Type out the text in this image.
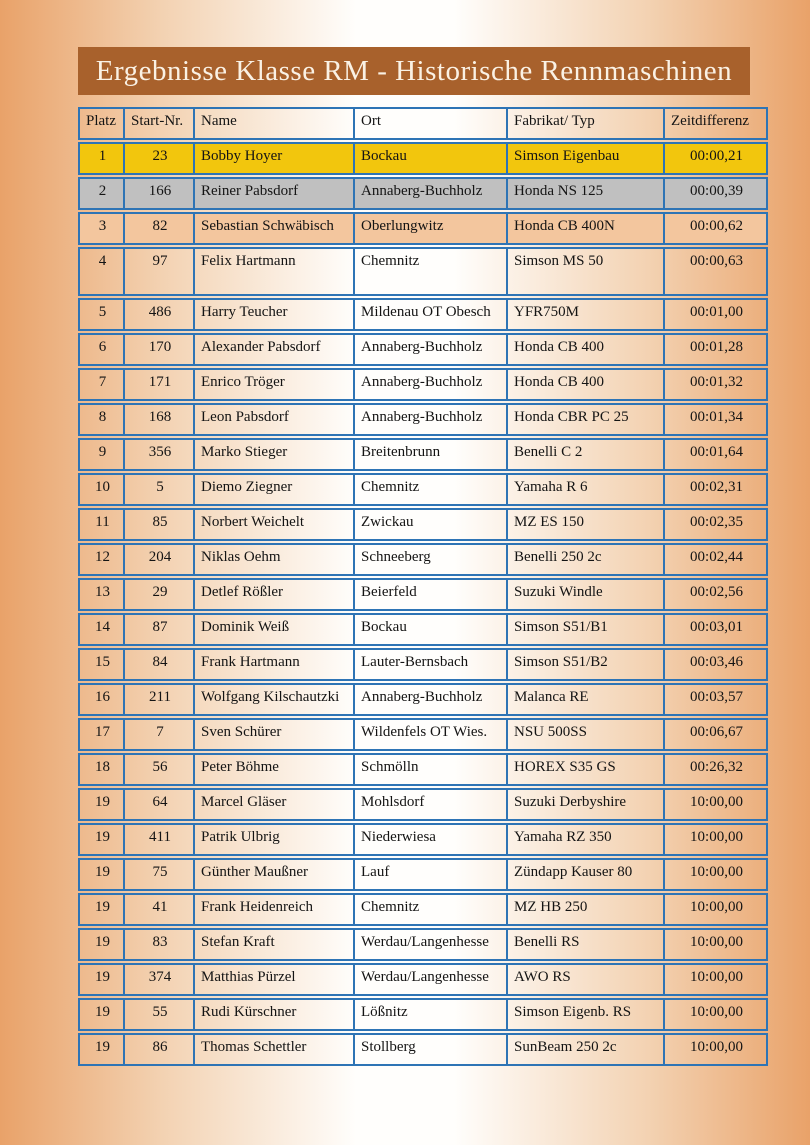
Ergebnisse Klasse RM - Historische Rennmaschinen
Platz	Start-Nr.	Name	Ort	Fabrikat/ Typ	Zeitdifferenz
1	23	Bobby Hoyer	Bockau	Simson Eigenbau	00:00,21
2	166	Reiner Pabsdorf	Annaberg-Buchholz	Honda NS 125	00:00,39
3	82	Sebastian Schwäbisch	Oberlungwitz	Honda CB 400N	00:00,62
4	97	Felix Hartmann	Chemnitz	Simson MS 50	00:00,63
5	486	Harry Teucher	Mildenau OT Obesch	YFR750M	00:01,00
6	170	Alexander Pabsdorf	Annaberg-Buchholz	Honda CB 400	00:01,28
7	171	Enrico Tröger	Annaberg-Buchholz	Honda CB 400	00:01,32
8	168	Leon Pabsdorf	Annaberg-Buchholz	Honda CBR PC 25	00:01,34
9	356	Marko Stieger	Breitenbrunn	Benelli C 2	00:01,64
10	5	Diemo Ziegner	Chemnitz	Yamaha R 6	00:02,31
11	85	Norbert Weichelt	Zwickau	MZ ES 150	00:02,35
12	204	Niklas Oehm	Schneeberg	Benelli 250 2c	00:02,44
13	29	Detlef Rößler	Beierfeld	Suzuki Windle	00:02,56
14	87	Dominik Weiß	Bockau	Simson S51/B1	00:03,01
15	84	Frank Hartmann	Lauter-Bernsbach	Simson S51/B2	00:03,46
16	211	Wolfgang Kilschautzki	Annaberg-Buchholz	Malanca RE	00:03,57
17	7	Sven Schürer	Wildenfels OT Wies.	NSU 500SS	00:06,67
18	56	Peter Böhme	Schmölln	HOREX S35 GS	00:26,32
19	64	Marcel Gläser	Mohlsdorf	Suzuki Derbyshire	10:00,00
19	411	Patrik Ulbrig	Niederwiesa	Yamaha RZ 350	10:00,00
19	75	Günther Maußner	Lauf	Zündapp Kauser 80	10:00,00
19	41	Frank Heidenreich	Chemnitz	MZ HB 250	10:00,00
19	83	Stefan Kraft	Werdau/Langenhesse	Benelli RS	10:00,00
19	374	Matthias Pürzel	Werdau/Langenhesse	AWO RS	10:00,00
19	55	Rudi Kürschner	Lößnitz	Simson Eigenb. RS	10:00,00
19	86	Thomas Schettler	Stollberg	SunBeam 250 2c	10:00,00
